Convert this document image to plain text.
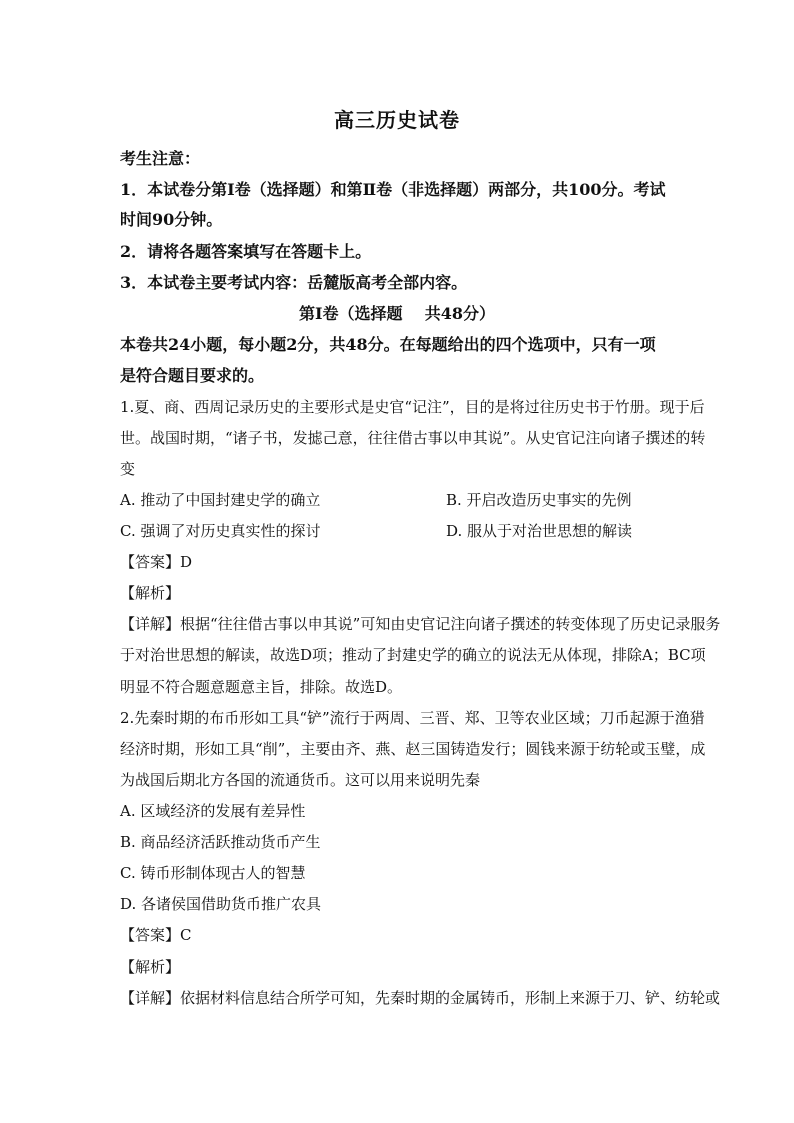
高三历史试卷
考生注意：
1．本试卷分第Ⅰ卷（选择题）和第Ⅱ卷（非选择题）两部分，共100分。考试
时间90分钟。
2．请将各题答案填写在答题卡上。
3．本试卷主要考试内容：岳麓版高考全部内容。
第Ⅰ卷（选择题    共48分）
本卷共24小题，每小题2分，共48分。在每题给出的四个选项中，只有一项
是符合题目要求的。
1.夏、商、西周记录历史的主要形式是史官“记注”，目的是将过往历史书于竹册。现于后
世。战国时期，“诸子书，发摅己意，往往借古事以申其说”。从史官记注向诸子撰述的转
变
A. 推动了中国封建史学的确立	B. 开启改造历史事实的先例
C. 强调了对历史真实性的探讨	D. 服从于对治世思想的解读
【答案】D
【解析】
【详解】根据“往往借古事以申其说”可知由史官记注向诸子撰述的转变体现了历史记录服务
于对治世思想的解读，故选D项；推动了封建史学的确立的说法无从体现，排除A；BC项
明显不符合题意题意主旨，排除。故选D。
2.先秦时期的布币形如工具“铲”流行于两周、三晋、郑、卫等农业区域；刀币起源于渔猎
经济时期，形如工具“削”，主要由齐、燕、赵三国铸造发行；圆钱来源于纺轮或玉璧，成
为战国后期北方各国的流通货币。这可以用来说明先秦
A. 区域经济的发展有差异性
B. 商品经济活跃推动货币产生
C. 铸币形制体现古人的智慧
D. 各诸侯国借助货币推广农具
【答案】C
【解析】
【详解】依据材料信息结合所学可知，先秦时期的金属铸币，形制上来源于刀、铲、纺轮或
